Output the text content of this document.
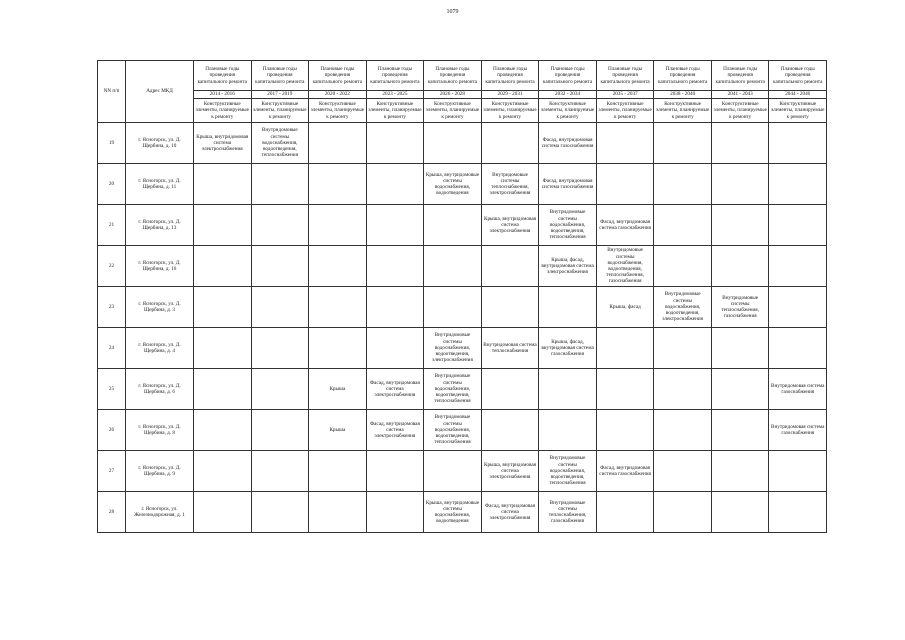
1079
NN п/п	Адрес МКД	Плановые годы проведения капитального ремонта	Плановые годы проведения капитального ремонта	Плановые годы проведения капитального ремонта	Плановые годы проведения капитального ремонта	Плановые годы проведения капитального ремонта	Плановые годы проведения капитального ремонта	Плановые годы проведения капитального ремонта	Плановые годы проведения капитального ремонта	Плановые годы проведения капитального ремонта	Плановые годы проведения капитального ремонта	Плановые годы проведения капитального ремонта
		2014 - 2016	2017 - 2019	2020 - 2022	2023 - 2025	2026 - 2028	2029 - 2031	2032 - 2034	2035 - 2037	2038 - 2040	2041 - 2043	2044 - 2046
		Конструктивные элементы, планируемые к ремонту	Конструктивные элементы, планируемые к ремонту	Конструктивные элементы, планируемые к ремонту	Конструктивные элементы, планируемые к ремонту	Конструктивные элементы, планируемые к ремонту	Конструктивные элементы, планируемые к ремонту	Конструктивные элементы, планируемые к ремонту	Конструктивные элементы, планируемые к ремонту	Конструктивные элементы, планируемые к ремонту	Конструктивные элементы, планируемые к ремонту	Конструктивные элементы, планируемые к ремонту
19	г. Ясногорск, ул. Д. Щербина, д. 10	Крыша, внутридомовая система электроснабжения	Внутридомовые системы водоснабжения, водоотведения, теплоснабжения					Фасад, внутридомовая система газоснабжения				
20	г. Ясногорск, ул. Д. Щербина, д. 11					Крыша, внутридомовые системы водоснабжения, водоотведения	Внутридомовые системы теплоснабжения, электроснабжения	Фасад, внутридомовая система газоснабжения				
21	г. Ясногорск, ул. Д. Щербина, д. 13						Крыша, внутридомовая система электроснабжения	Внутридомовые системы водоснабжения, водоотведения, теплоснабжения	Фасад, внутридомовая система газоснабжения			
22	г. Ясногорск, ул. Д. Щербина, д. 16							Крыша, фасад, внутридомовая система электроснабжения	Внутридомовые системы водоснабжения, водоотведения, теплоснабжения, газоснабжения			
23	г. Ясногорск, ул. Д. Щербина, д. 3								Крыша, фасад	Внутридомовые системы водоснабжения, водоотведения, электроснабжения	Внутридомовые системы теплоснабжения, газоснабжения	
24	г. Ясногорск, ул. Д. Щербина, д. 4					Внутридомовые системы водоснабжения, водоотведения, электроснабжения	Внутридомовая система теплоснабжения	Крыша, фасад, внутридомовая система газоснабжения				
25	г. Ясногорск, ул. Д. Щербина, д. 6			Крыша	Фасад, внутридомовая система электроснабжения	Внутридомовые системы водоснабжения, водоотведения, теплоснабжения						Внутридомовая система газоснабжения
26	г. Ясногорск, ул. Д. Щербина, д. 8			Крыша	Фасад, внутридомовая система электроснабжения	Внутридомовые системы водоснабжения, водоотведения, теплоснабжения						Внутридомовая система газоснабжения
27	г. Ясногорск, ул. Д. Щербина, д. 9						Крыша, внутридомовая система электроснабжения	Внутридомовые системы водоснабжения, водоотведения, теплоснабжения	Фасад, внутридомовая система газоснабжения			
28	г. Ясногорск, ул. Железнодорожная, д. 1					Крыша, внутридомовые системы водоснабжения, водоотведения	Фасад, внутридомовая система электроснабжения	Внутридомовые системы теплоснабжения, газоснабжения				
